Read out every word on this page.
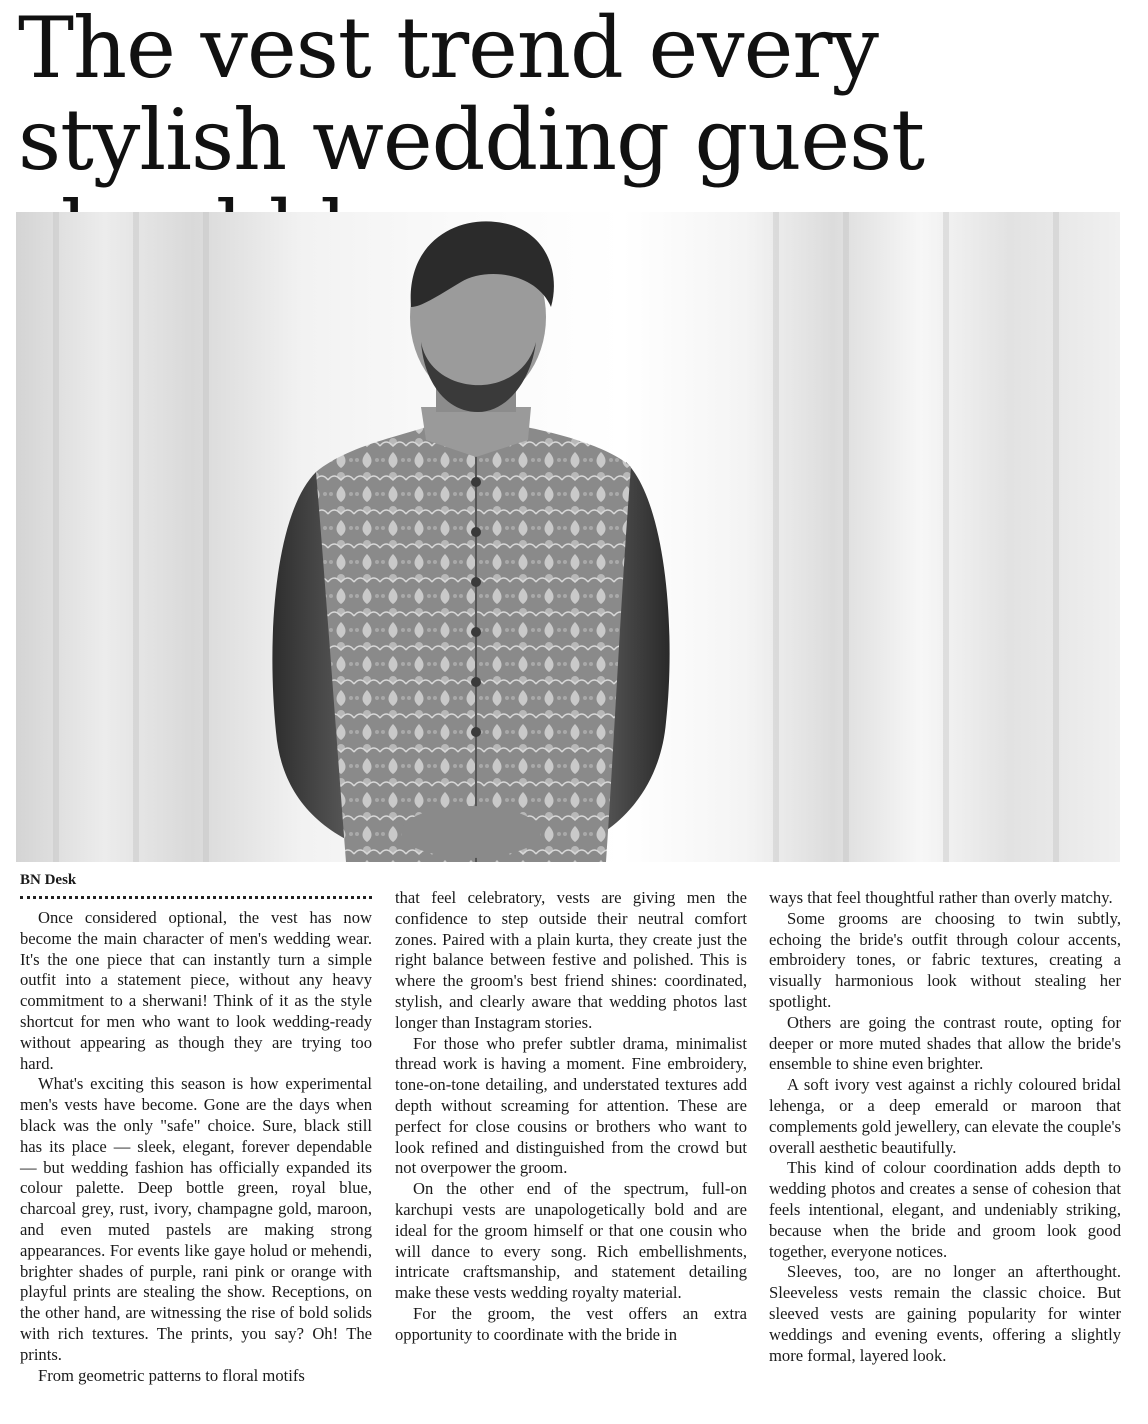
The vest trend every stylish wedding guest
BN Desk

Once considered optional, the vest has now become the main character of men's wedding wear. It's the one piece that can instantly turn a simple outfit into a statement piece, without any heavy commitment to a sherwani! Think of it as the style shortcut for men who want to look wedding-ready without appearing as though they are trying too hard.

What's exciting this season is how experimental men's vests have become. Gone are the days when black was the only "safe" choice. Sure, black still has its place — sleek, elegant, forever dependable — but wedding fashion has officially expanded its colour palette. Deep bottle green, royal blue, charcoal grey, rust, ivory, champagne gold, maroon, and even muted pastels are making strong appearances. For events like gaye holud or mehendi, brighter shades of purple, rani pink or orange with playful prints are stealing the show. Receptions, on the other hand, are witnessing the rise of bold solids with rich textures. The prints, you say? Oh! The prints.

From geometric patterns to floral motifs

that feel celebratory, vests are giving men the confidence to step outside their neutral comfort zones. Paired with a plain kurta, they create just the right balance between festive and polished. This is where the groom's best friend shines: coordinated, stylish, and clearly aware that wedding photos last longer than Instagram stories.

For those who prefer subtler drama, minimalist thread work is having a moment. Fine embroidery, tone-on-tone detailing, and understated textures add depth without screaming for attention. These are perfect for close cousins or brothers who want to look refined and distinguished from the crowd but not overpower the groom.

On the other end of the spectrum, full-on karchupi vests are unapologetically bold and are ideal for the groom himself or that one cousin who will dance to every song. Rich embellishments, intricate craftsmanship, and statement detailing make these vests wedding royalty material.

For the groom, the vest offers an extra opportunity to coordinate with the bride in

ways that feel thoughtful rather than overly matchy.

Some grooms are choosing to twin subtly, echoing the bride's outfit through colour accents, embroidery tones, or fabric textures, creating a visually harmonious look without stealing her spotlight.

Others are going the contrast route, opting for deeper or more muted shades that allow the bride's ensemble to shine even brighter.

A soft ivory vest against a richly coloured bridal lehenga, or a deep emerald or maroon that complements gold jewellery, can elevate the couple's overall aesthetic beautifully.

This kind of colour coordination adds depth to wedding photos and creates a sense of cohesion that feels intentional, elegant, and undeniably striking, because when the bride and groom look good together, everyone notices.

Sleeves, too, are no longer an afterthought. Sleeveless vests remain the classic choice. But sleeved vests are gaining popularity for winter weddings and evening events, offering a slightly more formal, layered look.
